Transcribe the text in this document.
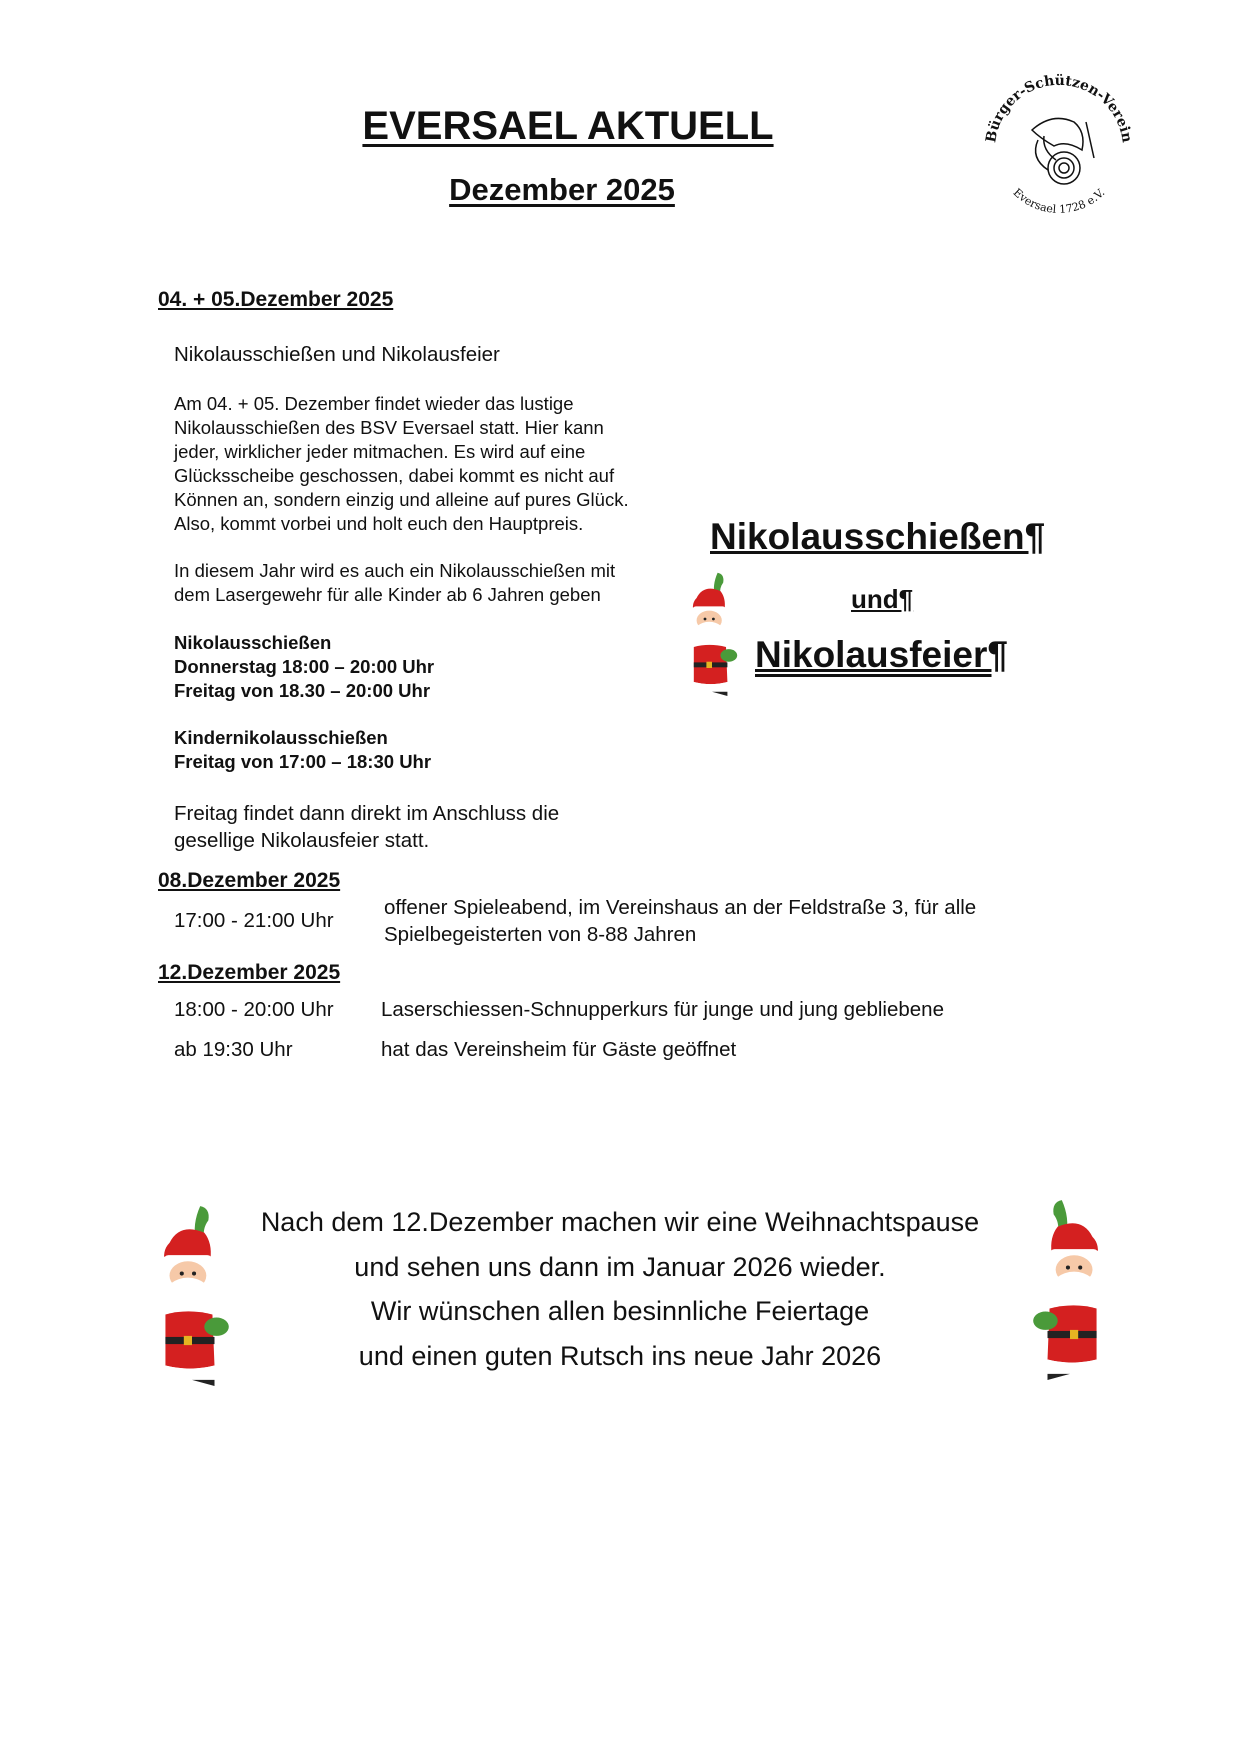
EVERSAEL AKTUELL
Dezember 2025
Bürger-Schützen-Verein
Eversael 1728 e.V.
04. + 05.Dezember 2025
Nikolausschießen und Nikolausfeier
Am 04. + 05. Dezember findet wieder das lustige Nikolausschießen des BSV Eversael statt. Hier kann jeder, wirklicher jeder mitmachen. Es wird auf eine Glücksscheibe geschossen, dabei kommt es nicht auf Können an, sondern einzig und alleine auf pures Glück. Also, kommt vorbei und holt euch den Hauptpreis.
In diesem Jahr wird es auch ein Nikolausschießen mit dem Lasergewehr für alle Kinder ab 6 Jahren geben
Nikolausschießen
Donnerstag 18:00 – 20:00 Uhr
Freitag von 18.30 – 20:00 Uhr
Kindernikolausschießen
Freitag von 17:00 – 18:30 Uhr
Freitag findet dann direkt im Anschluss die gesellige Nikolausfeier statt.
08.Dezember 2025
17:00 - 21:00 Uhr
offener Spieleabend, im Vereinshaus an der Feldstraße 3, für alle
Spielbegeisterten von 8-88 Jahren
12.Dezember 2025
18:00 - 20:00 Uhr	Laserschiessen-Schnupperkurs für junge und jung gebliebene
ab 19:30 Uhr	hat das Vereinsheim für Gäste geöffnet
Nikolausschießen¶
und¶
Nikolausfeier¶
Nach dem 12.Dezember machen wir eine Weihnachtspause
und sehen uns dann im Januar 2026 wieder.
Wir wünschen allen besinnliche Feiertage
und einen guten Rutsch ins neue Jahr 2026
